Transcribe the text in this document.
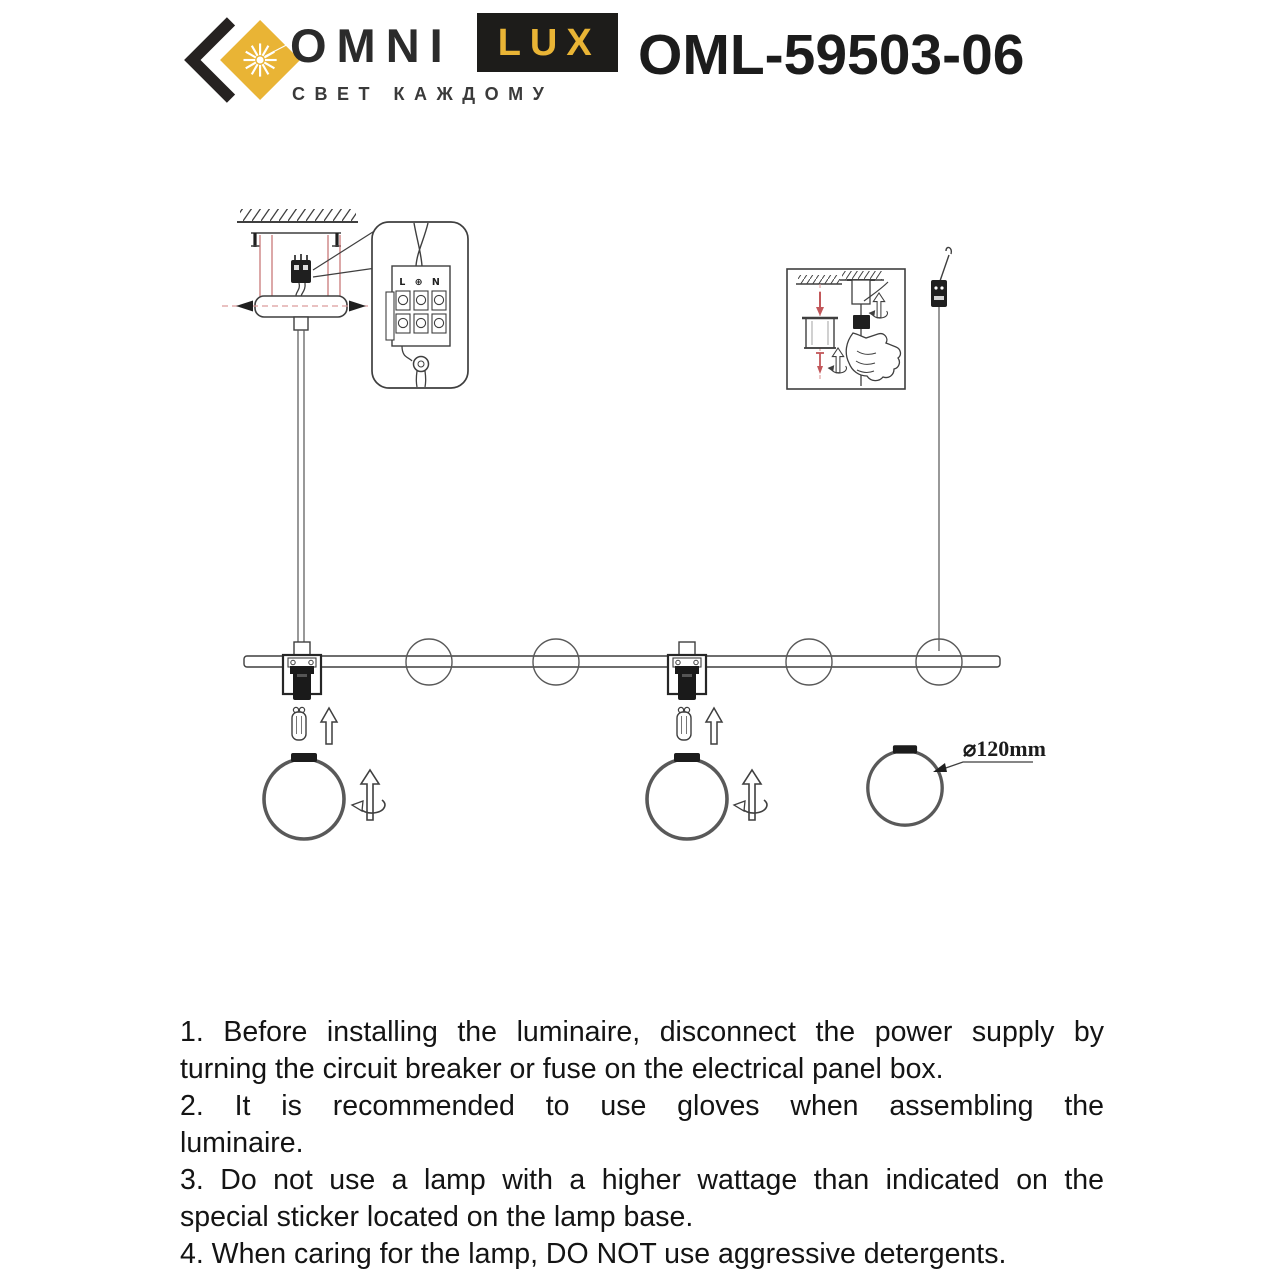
OMNI LUX
СВЕТ КАЖДОМУ
OML-59503-06
L ⊕ N
⌀120mm
1. Before installing the luminaire, disconnect the power supply by
turning the circuit breaker or fuse on the electrical panel box.
2. It is recommended to use gloves when assembling the
luminaire.
3. Do not use a lamp with a higher wattage than indicated on the
special sticker located on the lamp base.
4. When caring for the lamp, DO NOT use aggressive detergents.
